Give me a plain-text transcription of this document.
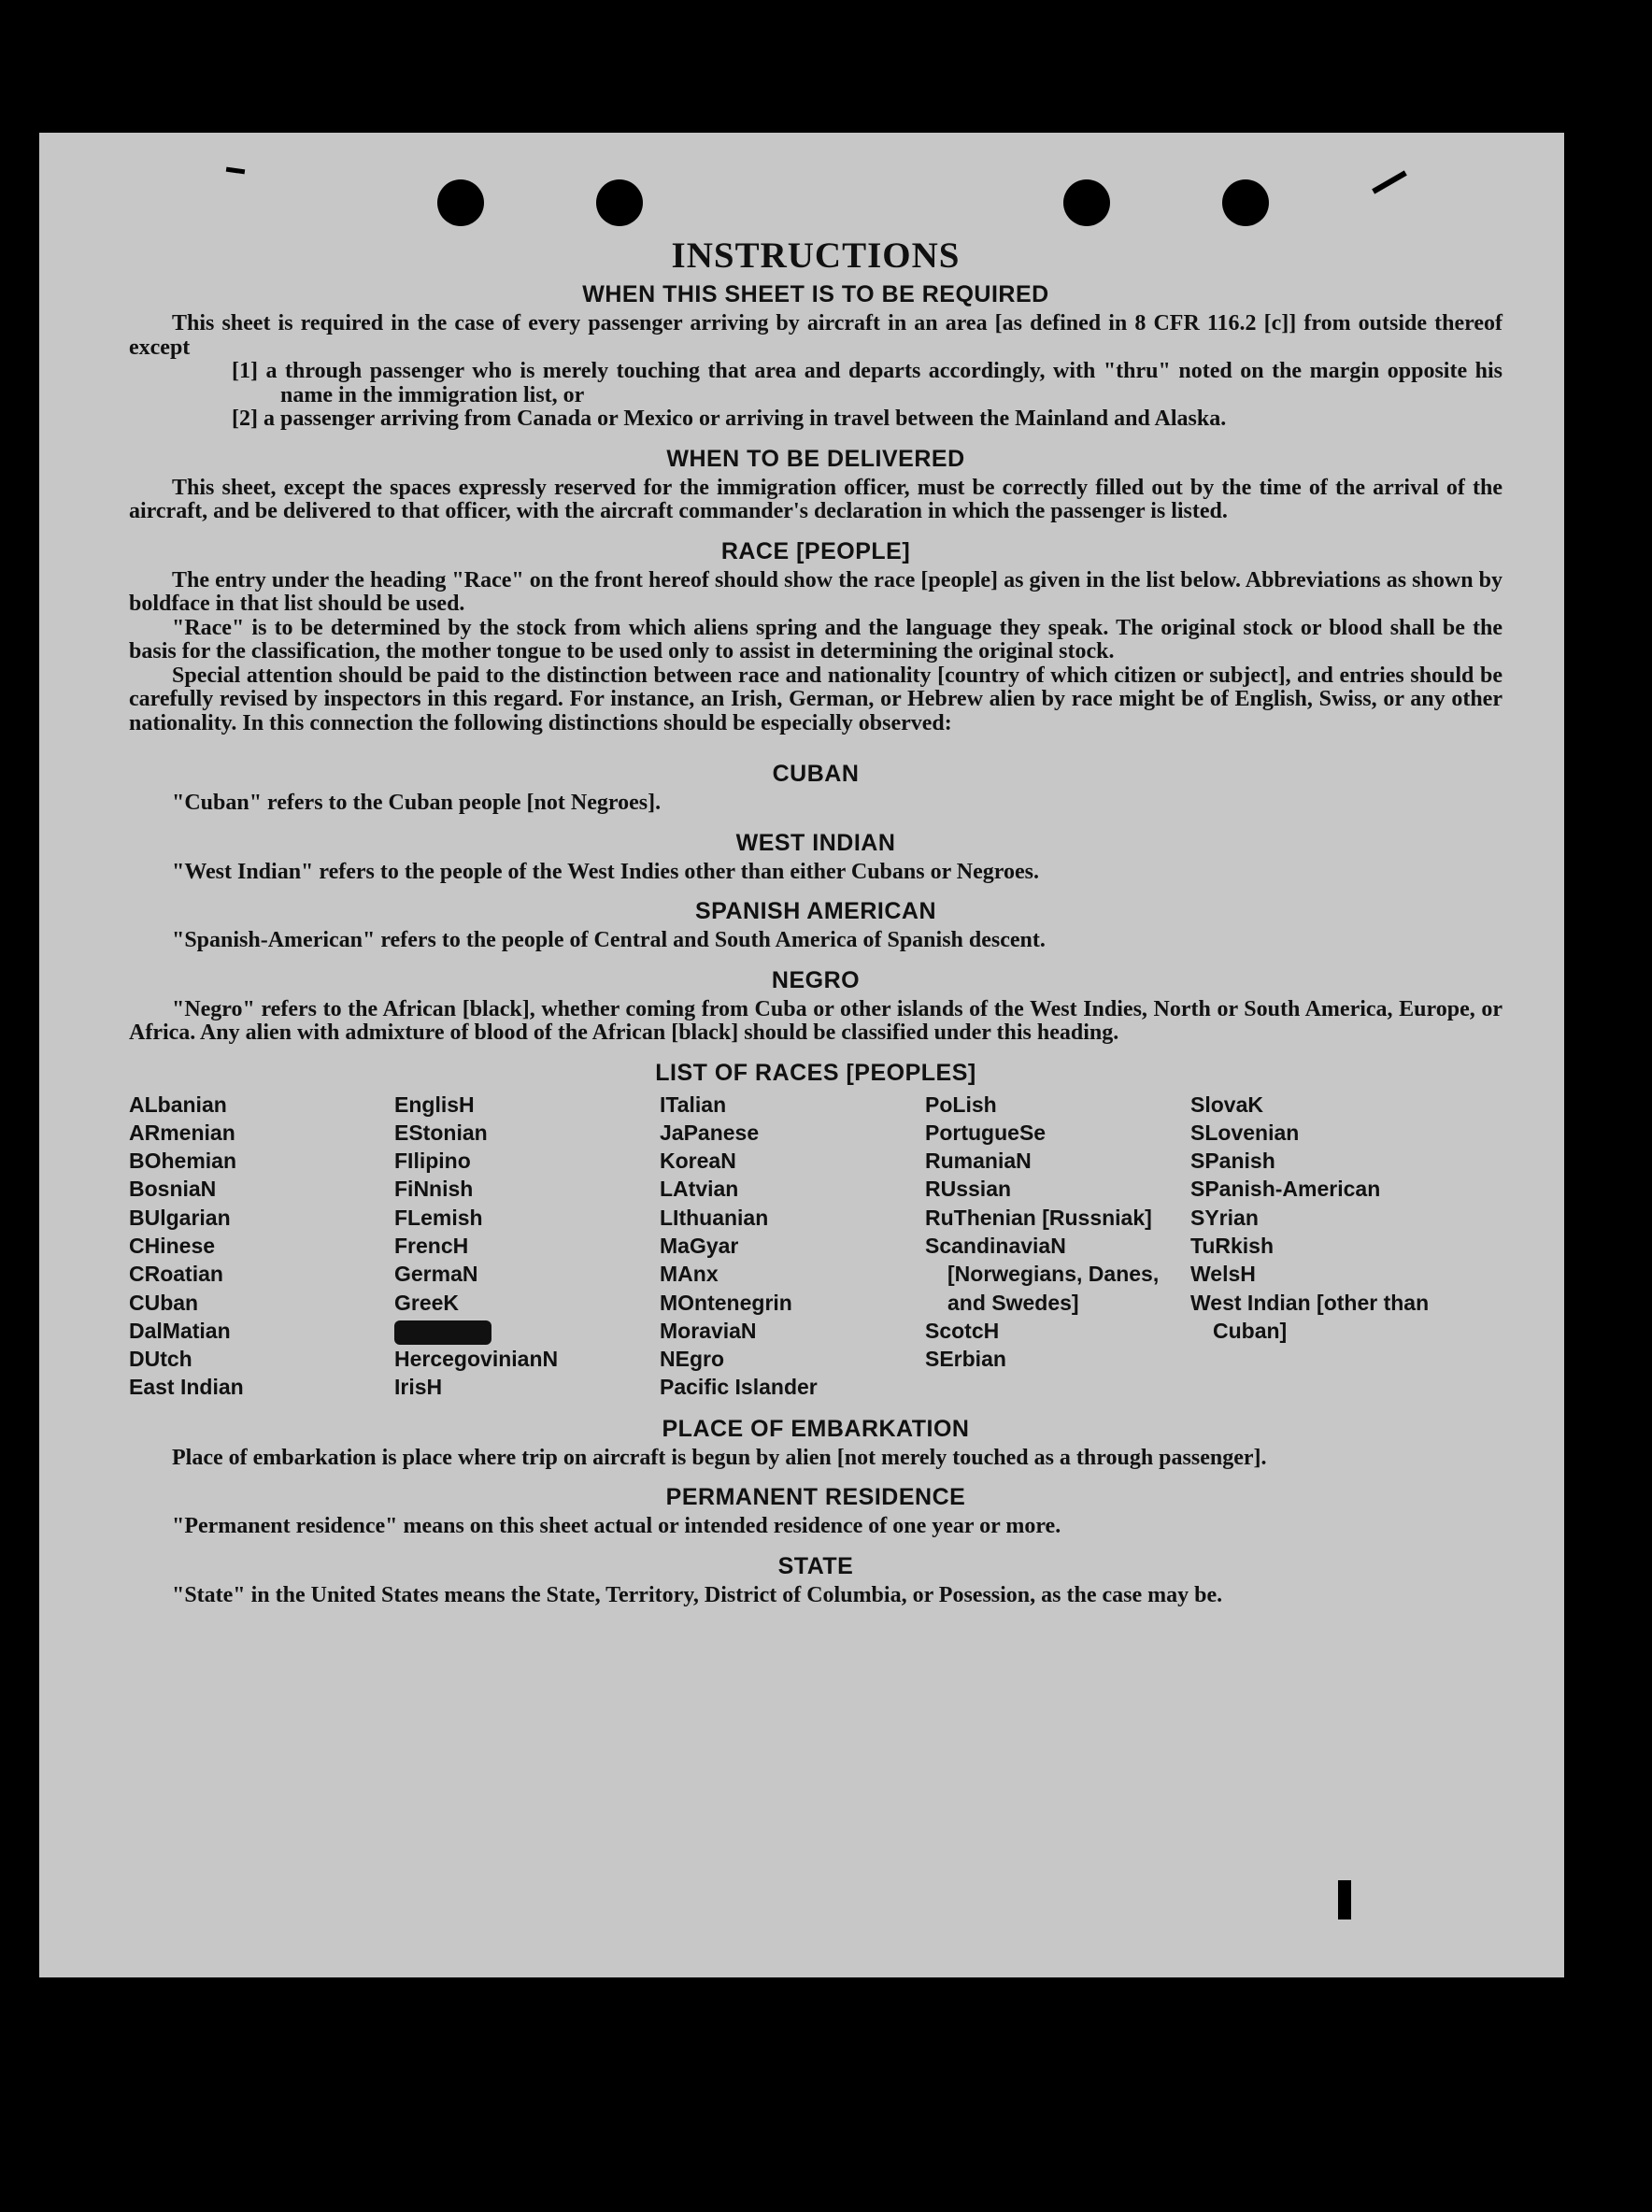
INSTRUCTIONS
WHEN THIS SHEET IS TO BE REQUIRED

This sheet is required in the case of every passenger arriving by aircraft in an area [as defined in 8 CFR 116.2 [c]] from outside thereof except

[1] a through passenger who is merely touching that area and departs accordingly, with "thru" noted on the margin opposite his name in the immigration list, or

[2] a passenger arriving from Canada or Mexico or arriving in travel between the Mainland and Alaska.

WHEN TO BE DELIVERED

This sheet, except the spaces expressly reserved for the immigration officer, must be correctly filled out by the time of the arrival of the aircraft, and be delivered to that officer, with the aircraft commander's declaration in which the passenger is listed.

RACE [PEOPLE]

The entry under the heading "Race" on the front hereof should show the race [people] as given in the list below. Abbreviations as shown by boldface in that list should be used.

"Race" is to be determined by the stock from which aliens spring and the language they speak. The original stock or blood shall be the basis for the classification, the mother tongue to be used only to assist in determining the original stock.

Special attention should be paid to the distinction between race and nationality [country of which citizen or subject], and entries should be carefully revised by inspectors in this regard. For instance, an Irish, German, or Hebrew alien by race might be of English, Swiss, or any other nationality. In this connection the following distinctions should be especially observed:

CUBAN

"Cuban" refers to the Cuban people [not Negroes].

WEST INDIAN

"West Indian" refers to the people of the West Indies other than either Cubans or Negroes.

SPANISH AMERICAN

"Spanish-American" refers to the people of Central and South America of Spanish descent.

NEGRO

"Negro" refers to the African [black], whether coming from Cuba or other islands of the West Indies, North or South America, Europe, or Africa. Any alien with admixture of blood of the African [black] should be classified under this heading.

LIST OF RACES [PEOPLES]
ALbanian
ARmenian
BOhemian
BosniaN
BUlgarian
CHinese
CRoatian
CUban
DalMatian
DUtch
East Indian
EnglisH
EStonian
FIlipino
FiNnish
FLemish
FrencH
GermaN
GreeK
HercegovinianN
IrisH
ITalian
JaPanese
KoreaN
LAtvian
LIthuanian
MaGyar
MAnx
MOntenegrin
MoraviaN
NEgro
Pacific Islander
PoLish
PortugueSe
RumaniaN
RUssian
RuThenian [Russniak]
ScandinaviaN [Norwegians, Danes, and Swedes]
ScotcH
SErbian
SlovaK
SLovenian
SPanish
SPanish-American
SYrian
TuRkish
WelsH
West Indian [other than Cuban]
PLACE OF EMBARKATION

Place of embarkation is place where trip on aircraft is begun by alien [not merely touched as a through passenger].

PERMANENT RESIDENCE

"Permanent residence" means on this sheet actual or intended residence of one year or more.

STATE

"State" in the United States means the State, Territory, District of Columbia, or Posession, as the case may be.
